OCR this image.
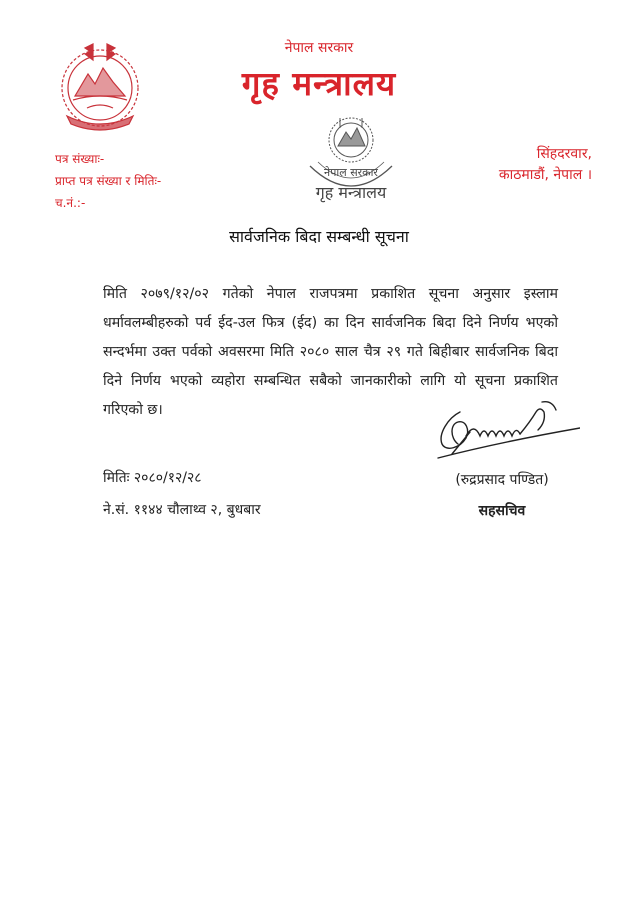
नेपाल सरकार
गृह मन्त्रालय
नेपाल सरकार
गृह मन्त्रालय
पत्र संख्याः-
प्राप्त पत्र संख्या र मितिः-
च.नं.:-
सिंहदरवार,
काठमाडौं, नेपाल ।
सार्वजनिक बिदा सम्बन्धी सूचना
मिति २०७९/१२/०२ गतेको नेपाल राजपत्रमा प्रकाशित सूचना अनुसार इस्लाम धर्मावलम्बीहरुको पर्व ईद-उल फित्र (ईद) का दिन सार्वजनिक बिदा दिने निर्णय भएको सन्दर्भमा उक्त पर्वको अवसरमा मिति २०८० साल चैत्र २९ गते बिहीबार सार्वजनिक बिदा दिने निर्णय भएको व्यहोरा सम्बन्धित सबैको जानकारीको लागि यो सूचना प्रकाशित गरिएको छ।
मितिः २०८०/१२/२८
ने.सं. ११४४ चौलाथ्व २, बुधबार
(रुद्रप्रसाद पण्डित)
सहसचिव
